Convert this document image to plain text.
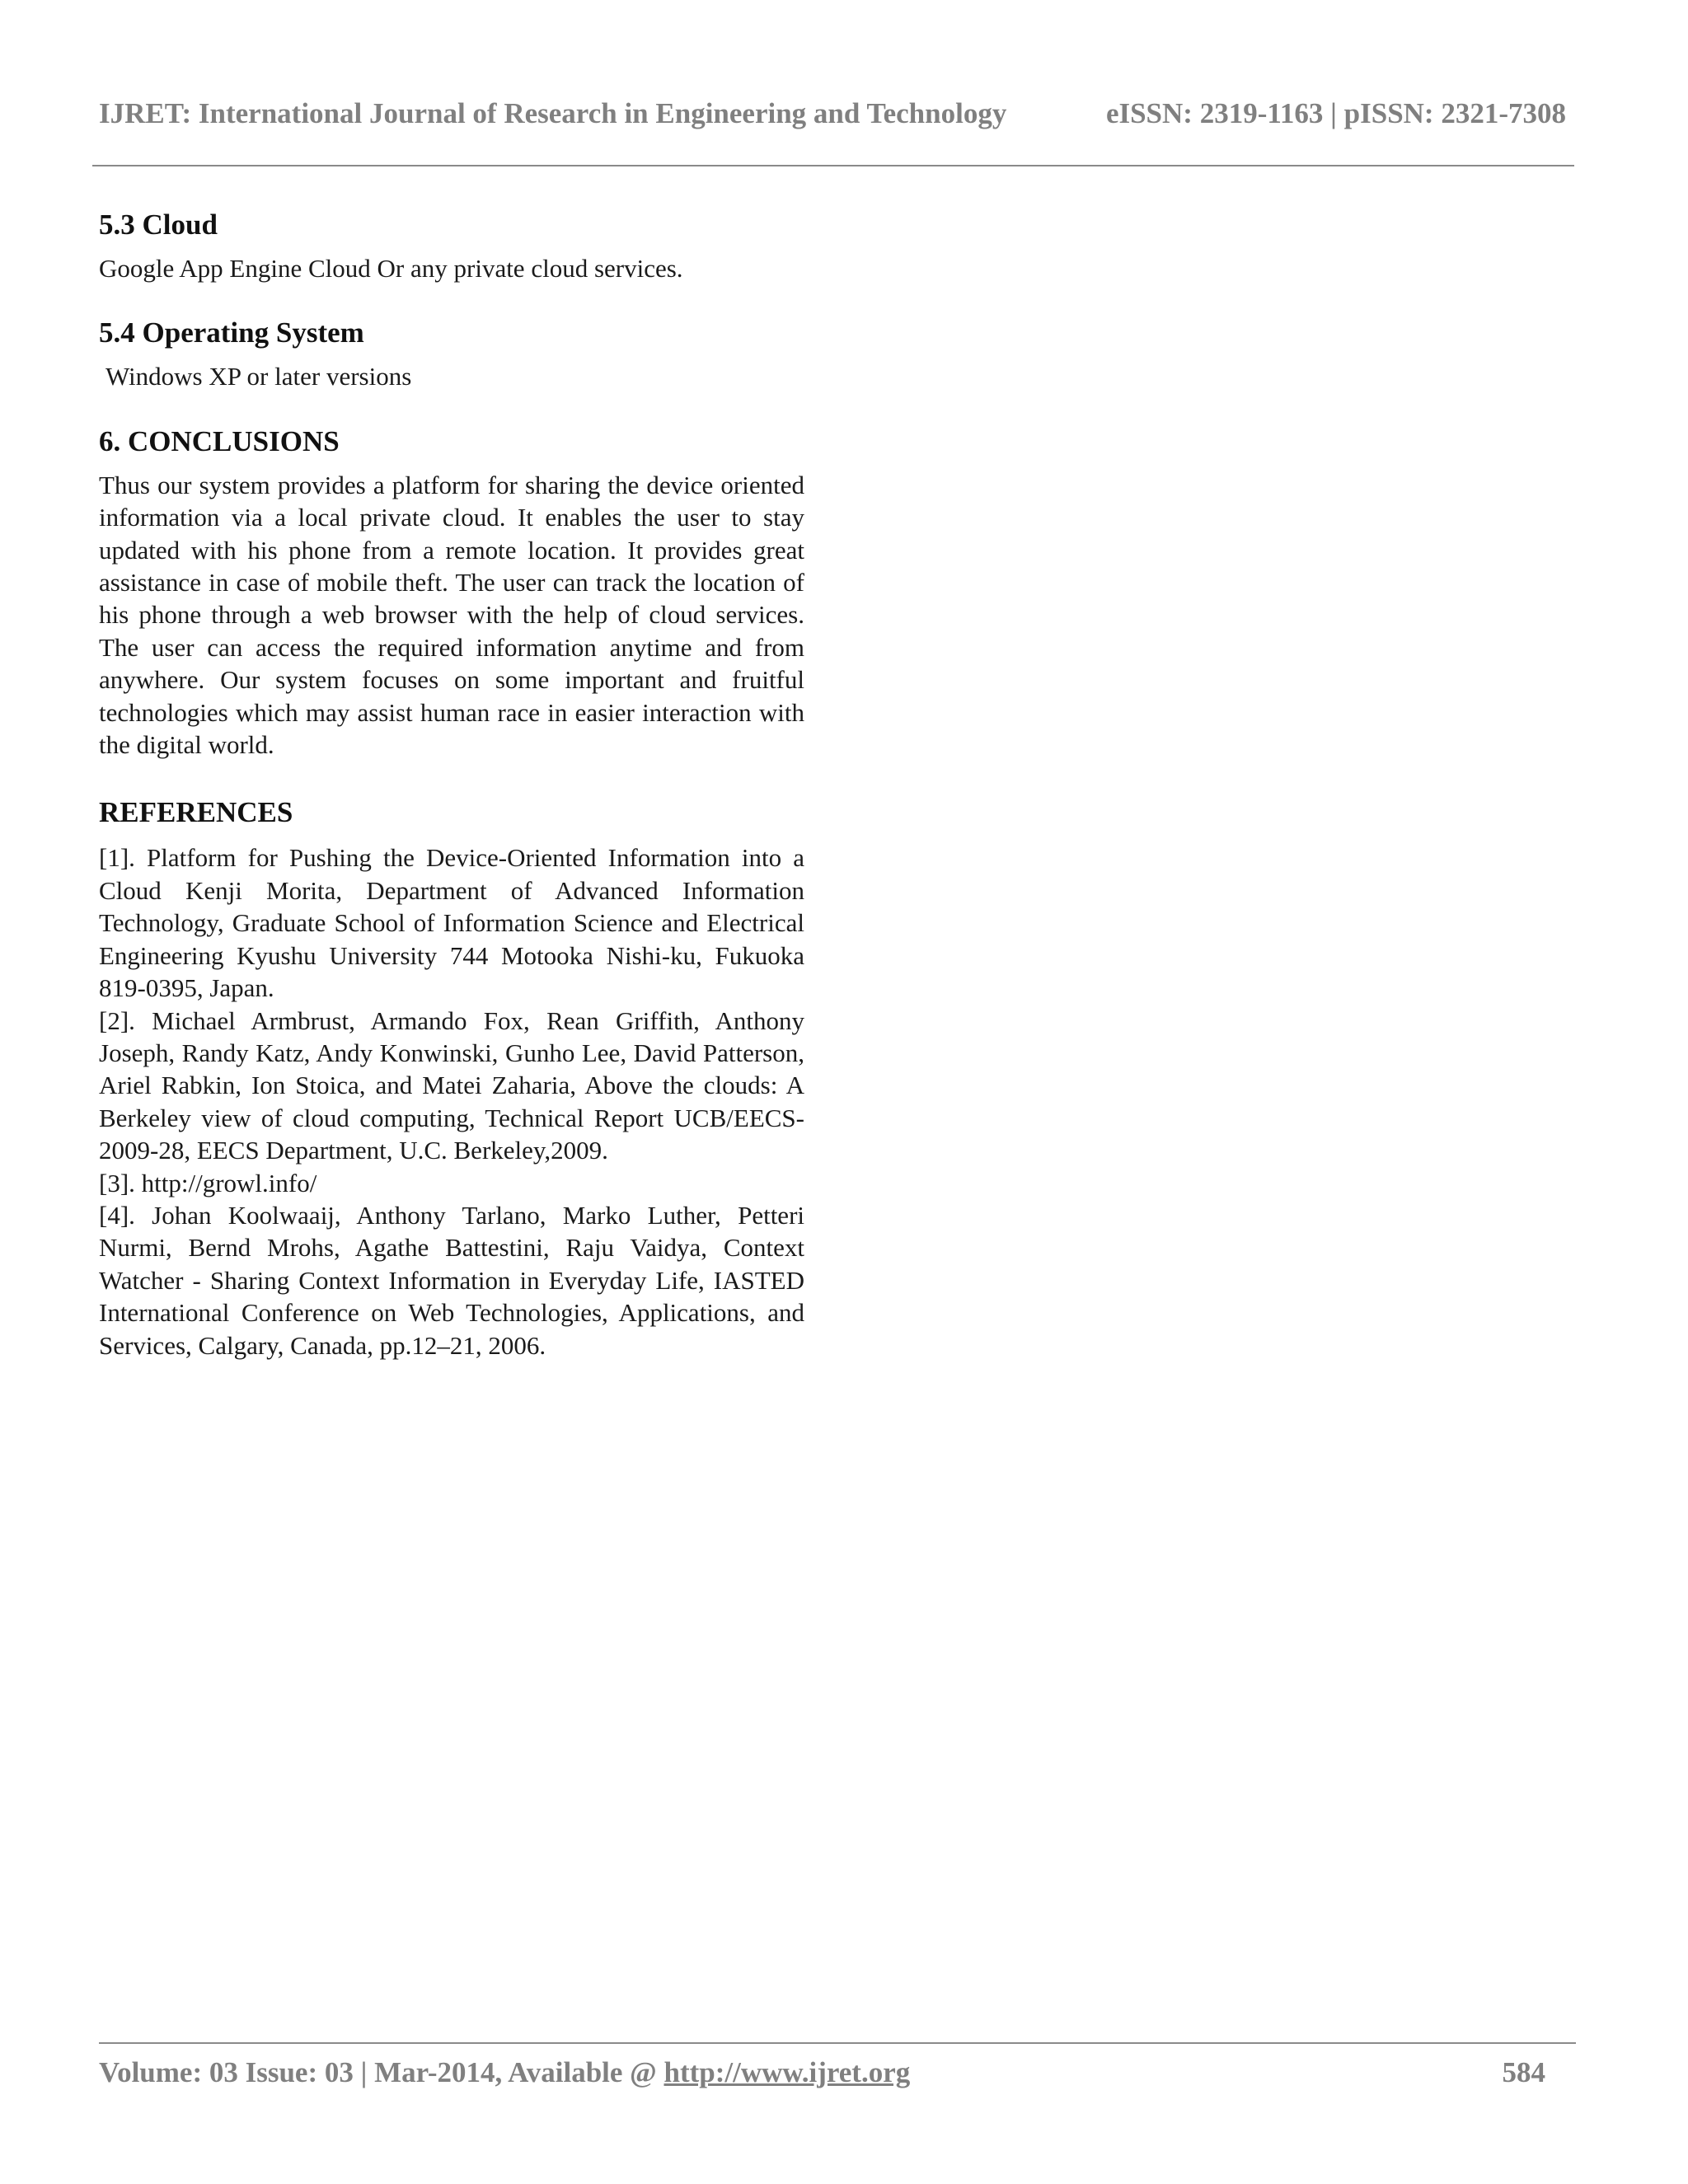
IJRET: International Journal of Research in Engineering and Technology	eISSN: 2319-1163 | pISSN: 2321-7308
5.3 Cloud

Google App Engine Cloud Or any private cloud services.

5.4 Operating System

Windows XP or later versions

6. CONCLUSIONS

Thus our system provides a platform for sharing the device oriented information via a local private cloud. It enables the user to stay updated with his phone from a remote location. It provides great assistance in case of mobile theft. The user can track the location of his phone through a web browser with the help of cloud services. The user can access the required information anytime and from anywhere. Our system focuses on some important and fruitful technologies which may assist human race in easier interaction with the digital world.

REFERENCES

[1]. Platform for Pushing the Device-Oriented Information into a Cloud Kenji Morita, Department of Advanced Information Technology, Graduate School of Information Science and Electrical Engineering Kyushu University 744 Motooka Nishi-ku, Fukuoka 819-0395, Japan.

[2]. Michael Armbrust, Armando Fox, Rean Griffith, Anthony Joseph, Randy Katz, Andy Konwinski, Gunho Lee, David Patterson, Ariel Rabkin, Ion Stoica, and Matei Zaharia, Above the clouds: A Berkeley view of cloud computing, Technical Report UCB/EECS-2009-28, EECS Department, U.C. Berkeley,2009.

[3]. http://growl.info/

[4]. Johan Koolwaaij, Anthony Tarlano, Marko Luther, Petteri Nurmi, Bernd Mrohs, Agathe Battestini, Raju Vaidya, Context Watcher - Sharing Context Information in Everyday Life, IASTED International Conference on Web Technologies, Applications, and Services, Calgary, Canada, pp.12–21, 2006.

Volume: 03 Issue: 03 | Mar-2014, Available @ http://www.ijret.org	584
